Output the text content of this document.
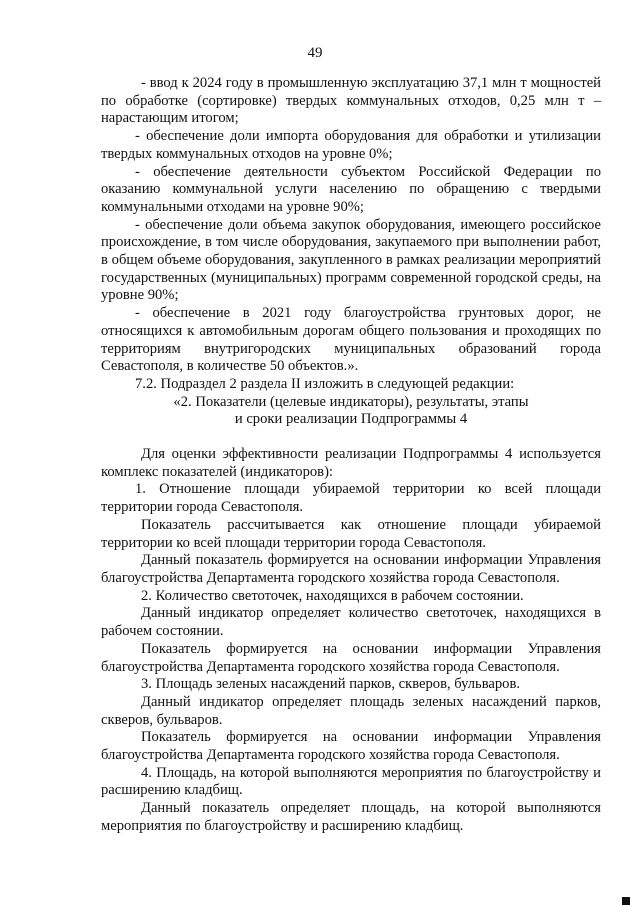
49

- ввод к 2024 году в промышленную эксплуатацию 37,1 млн т мощностей по обработке (сортировке) твердых коммунальных отходов, 0,25 млн т – нарастающим итогом;

- обеспечение доли импорта оборудования для обработки и утилизации твердых коммунальных отходов на уровне 0%;

- обеспечение деятельности субъектом Российской Федерации по оказанию коммунальной услуги населению по обращению с твердыми коммунальными отходами на уровне 90%;

- обеспечение доли объема закупок оборудования, имеющего российское происхождение, в том числе оборудования, закупаемого при выполнении работ, в общем объеме оборудования, закупленного в рамках реализации мероприятий государственных (муниципальных) программ современной городской среды, на уровне 90%;

- обеспечение в 2021 году благоустройства грунтовых дорог, не относящихся к автомобильным дорогам общего пользования и проходящих по территориям внутригородских муниципальных образований города Севастополя, в количестве 50 объектов.».

7.2. Подраздел 2 раздела II изложить в следующей редакции:

«2. Показатели (целевые индикаторы), результаты, этапы

и сроки реализации Подпрограммы 4

Для оценки эффективности реализации Подпрограммы 4 используется комплекс показателей (индикаторов):

1. Отношение площади убираемой территории ко всей площади территории города Севастополя.

Показатель рассчитывается как отношение площади убираемой территории ко всей площади территории города Севастополя.

Данный показатель формируется на основании информации Управления благоустройства Департамента городского хозяйства города Севастополя.

2. Количество светоточек, находящихся в рабочем состоянии.

Данный индикатор определяет количество светоточек, находящихся в рабочем состоянии.

Показатель формируется на основании информации Управления благоустройства Департамента городского хозяйства города Севастополя.

3. Площадь зеленых насаждений парков, скверов, бульваров.

Данный индикатор определяет площадь зеленых насаждений парков, скверов, бульваров.

Показатель формируется на основании информации Управления благоустройства Департамента городского хозяйства города Севастополя.

4. Площадь, на которой выполняются мероприятия по благоустройству и расширению кладбищ.

Данный показатель определяет площадь, на которой выполняются мероприятия по благоустройству и расширению кладбищ.
